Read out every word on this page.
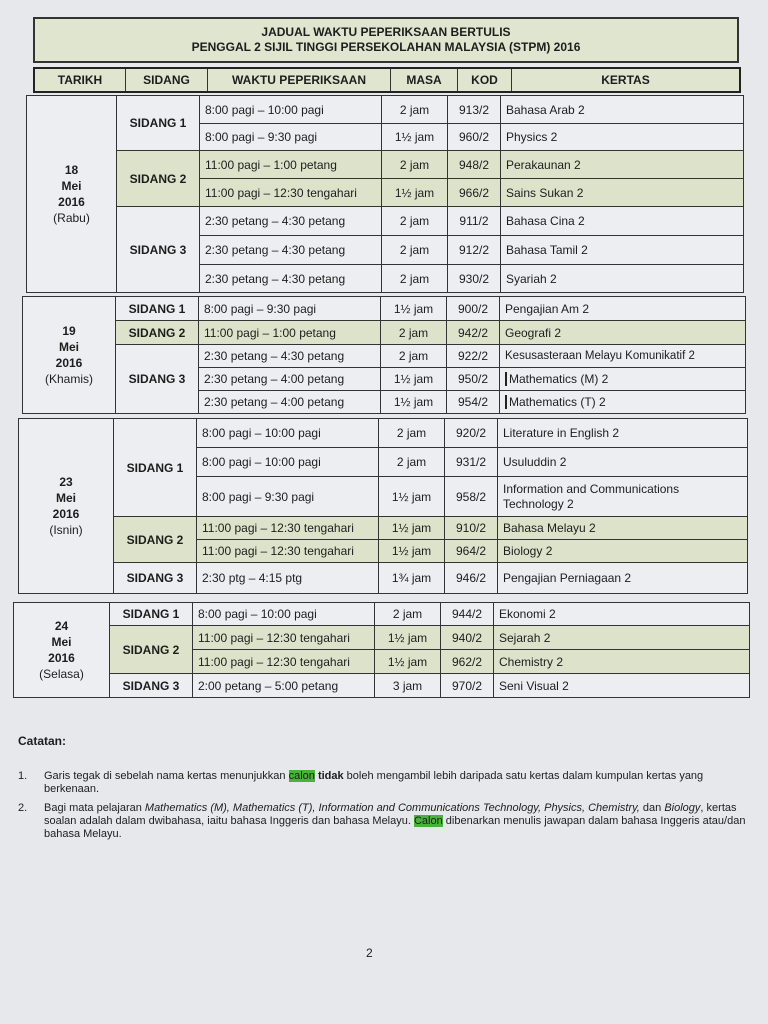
JADUAL WAKTU PEPERIKSAAN BERTULIS
PENGGAL 2 SIJIL TINGGI PERSEKOLAHAN MALAYSIA (STPM) 2016
TARIKH	SIDANG	WAKTU PEPERIKSAAN	MASA	KOD	KERTAS
18
Mei
2016
(Rabu)	SIDANG 1	8:00 pagi – 10:00 pagi	2 jam	913/2	Bahasa Arab 2
		8:00 pagi – 9:30 pagi	1½ jam	960/2	Physics 2
	SIDANG 2	11:00 pagi – 1:00 petang	2 jam	948/2	Perakaunan 2
		11:00 pagi – 12:30 tengahari	1½ jam	966/2	Sains Sukan 2
	SIDANG 3	2:30 petang – 4:30 petang	2 jam	911/2	Bahasa Cina 2
		2:30 petang – 4:30 petang	2 jam	912/2	Bahasa Tamil 2
		2:30 petang – 4:30 petang	2 jam	930/2	Syariah 2
19
Mei
2016
(Khamis)	SIDANG 1	8:00 pagi – 9:30 pagi	1½ jam	900/2	Pengajian Am 2
	SIDANG 2	11:00 pagi – 1:00 petang	2 jam	942/2	Geografi 2
	SIDANG 3	2:30 petang – 4:30 petang	2 jam	922/2	Kesusasteraan Melayu Komunikatif 2
		2:30 petang – 4:00 petang	1½ jam	950/2	Mathematics (M) 2
		2:30 petang – 4:00 petang	1½ jam	954/2	Mathematics (T) 2
23
Mei
2016
(Isnin)	SIDANG 1	8:00 pagi – 10:00 pagi	2 jam	920/2	Literature in English 2
		8:00 pagi – 10:00 pagi	2 jam	931/2	Usuluddin 2
		8:00 pagi – 9:30 pagi	1½ jam	958/2	Information and Communications Technology 2
	SIDANG 2	11:00 pagi – 12:30 tengahari	1½ jam	910/2	Bahasa Melayu 2
		11:00 pagi – 12:30 tengahari	1½ jam	964/2	Biology 2
	SIDANG 3	2:30 ptg – 4:15 ptg	1¾ jam	946/2	Pengajian Perniagaan 2
24
Mei
2016
(Selasa)	SIDANG 1	8:00 pagi – 10:00 pagi	2 jam	944/2	Ekonomi 2
	SIDANG 2	11:00 pagi – 12:30 tengahari	1½ jam	940/2	Sejarah 2
		11:00 pagi – 12:30 tengahari	1½ jam	962/2	Chemistry 2
	SIDANG 3	2:00 petang – 5:00 petang	3 jam	970/2	Seni Visual 2
Catatan:
1.	Garis tegak di sebelah nama kertas menunjukkan calon tidak boleh mengambil lebih daripada satu kertas dalam kumpulan kertas yang berkenaan.
2.	Bagi mata pelajaran Mathematics (M), Mathematics (T), Information and Communications Technology, Physics, Chemistry, dan Biology, kertas soalan adalah dalam dwibahasa, iaitu bahasa Inggeris dan bahasa Melayu. Calon dibenarkan menulis jawapan dalam bahasa Inggeris atau/dan bahasa Melayu.
2
